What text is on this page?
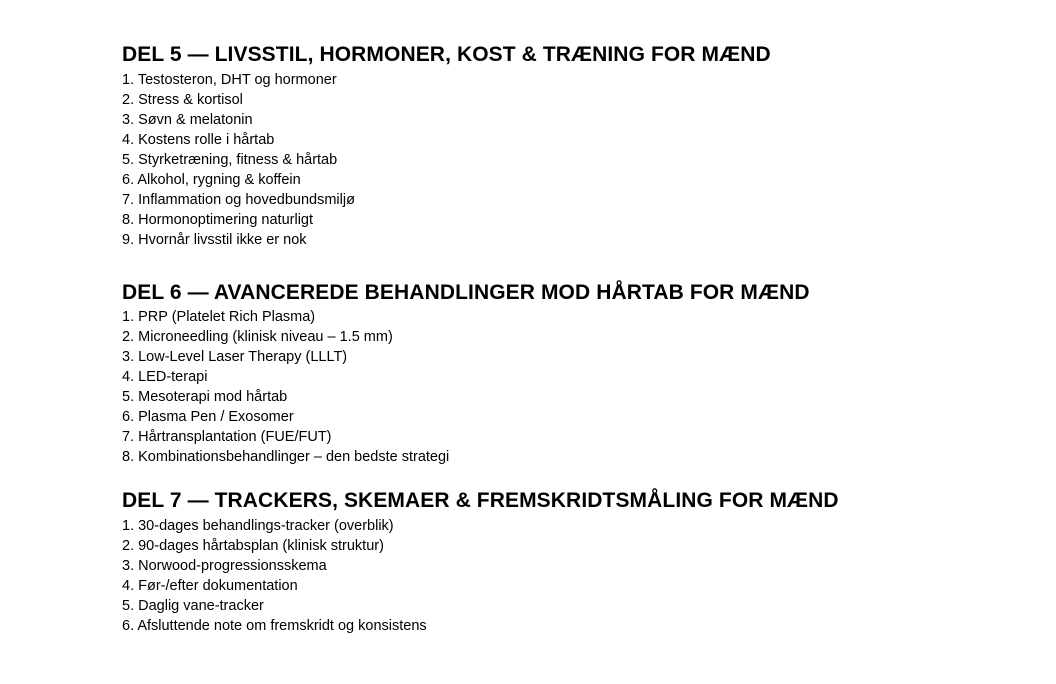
DEL 5 — LIVSSTIL, HORMONER, KOST & TRÆNING FOR MÆND
1. Testosteron, DHT og hormoner
2. Stress & kortisol
3. Søvn & melatonin
4. Kostens rolle i hårtab
5. Styrketræning, fitness & hårtab
6. Alkohol, rygning & koffein
7. Inflammation og hovedbundsmiljø
8. Hormonoptimering naturligt
9. Hvornår livsstil ikke er nok
DEL 6 — AVANCEREDE BEHANDLINGER MOD HÅRTAB FOR MÆND
1. PRP (Platelet Rich Plasma)
2. Microneedling (klinisk niveau – 1.5 mm)
3. Low-Level Laser Therapy (LLLT)
4. LED-terapi
5. Mesoterapi mod hårtab
6. Plasma Pen / Exosomer
7. Hårtransplantation (FUE/FUT)
8. Kombinationsbehandlinger – den bedste strategi
DEL 7 — TRACKERS, SKEMAER & FREMSKRIDTSMÅLING FOR MÆND
1. 30-dages behandlings-tracker (overblik)
2. 90-dages hårtabsplan (klinisk struktur)
3. Norwood-progressionsskema
4. Før-/efter dokumentation
5. Daglig vane-tracker
6. Afsluttende note om fremskridt og konsistens
